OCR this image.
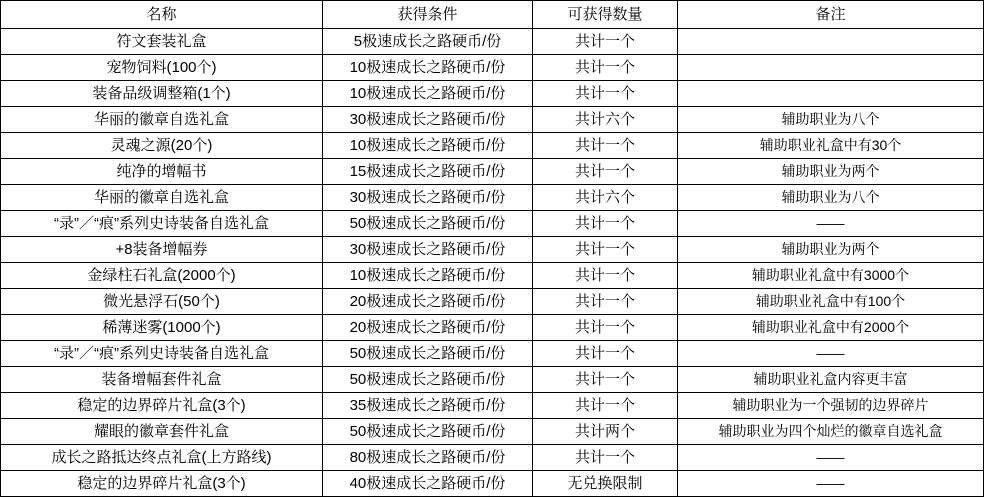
名称	获得条件	可获得数量	备注
符文套装礼盒	5极速成长之路硬币/份	共计一个	
宠物饲料(100个)	10极速成长之路硬币/份	共计一个	
装备品级调整箱(1个)	10极速成长之路硬币/份	共计一个	
华丽的徽章自选礼盒	30极速成长之路硬币/份	共计六个	辅助职业为八个
灵魂之源(20个)	10极速成长之路硬币/份	共计一个	辅助职业礼盒中有30个
纯净的增幅书	15极速成长之路硬币/份	共计一个	辅助职业为两个
华丽的徽章自选礼盒	30极速成长之路硬币/份	共计六个	辅助职业为八个
“录”／“痕”系列史诗装备自选礼盒	50极速成长之路硬币/份	共计一个	——
+8装备增幅券	30极速成长之路硬币/份	共计一个	辅助职业为两个
金绿柱石礼盒(2000个)	10极速成长之路硬币/份	共计一个	辅助职业礼盒中有3000个
微光悬浮石(50个)	20极速成长之路硬币/份	共计一个	辅助职业礼盒中有100个
稀薄迷雾(1000个)	20极速成长之路硬币/份	共计一个	辅助职业礼盒中有2000个
“录”／“痕”系列史诗装备自选礼盒	50极速成长之路硬币/份	共计一个	——
装备增幅套件礼盒	50极速成长之路硬币/份	共计一个	辅助职业礼盒内容更丰富
稳定的边界碎片礼盒(3个)	35极速成长之路硬币/份	共计一个	辅助职业为一个强韧的边界碎片
耀眼的徽章套件礼盒	50极速成长之路硬币/份	共计两个	辅助职业为四个灿烂的徽章自选礼盒
成长之路抵达终点礼盒(上方路线)	80极速成长之路硬币/份	共计一个	——
稳定的边界碎片礼盒(3个)	40极速成长之路硬币/份	无兑换限制	——
